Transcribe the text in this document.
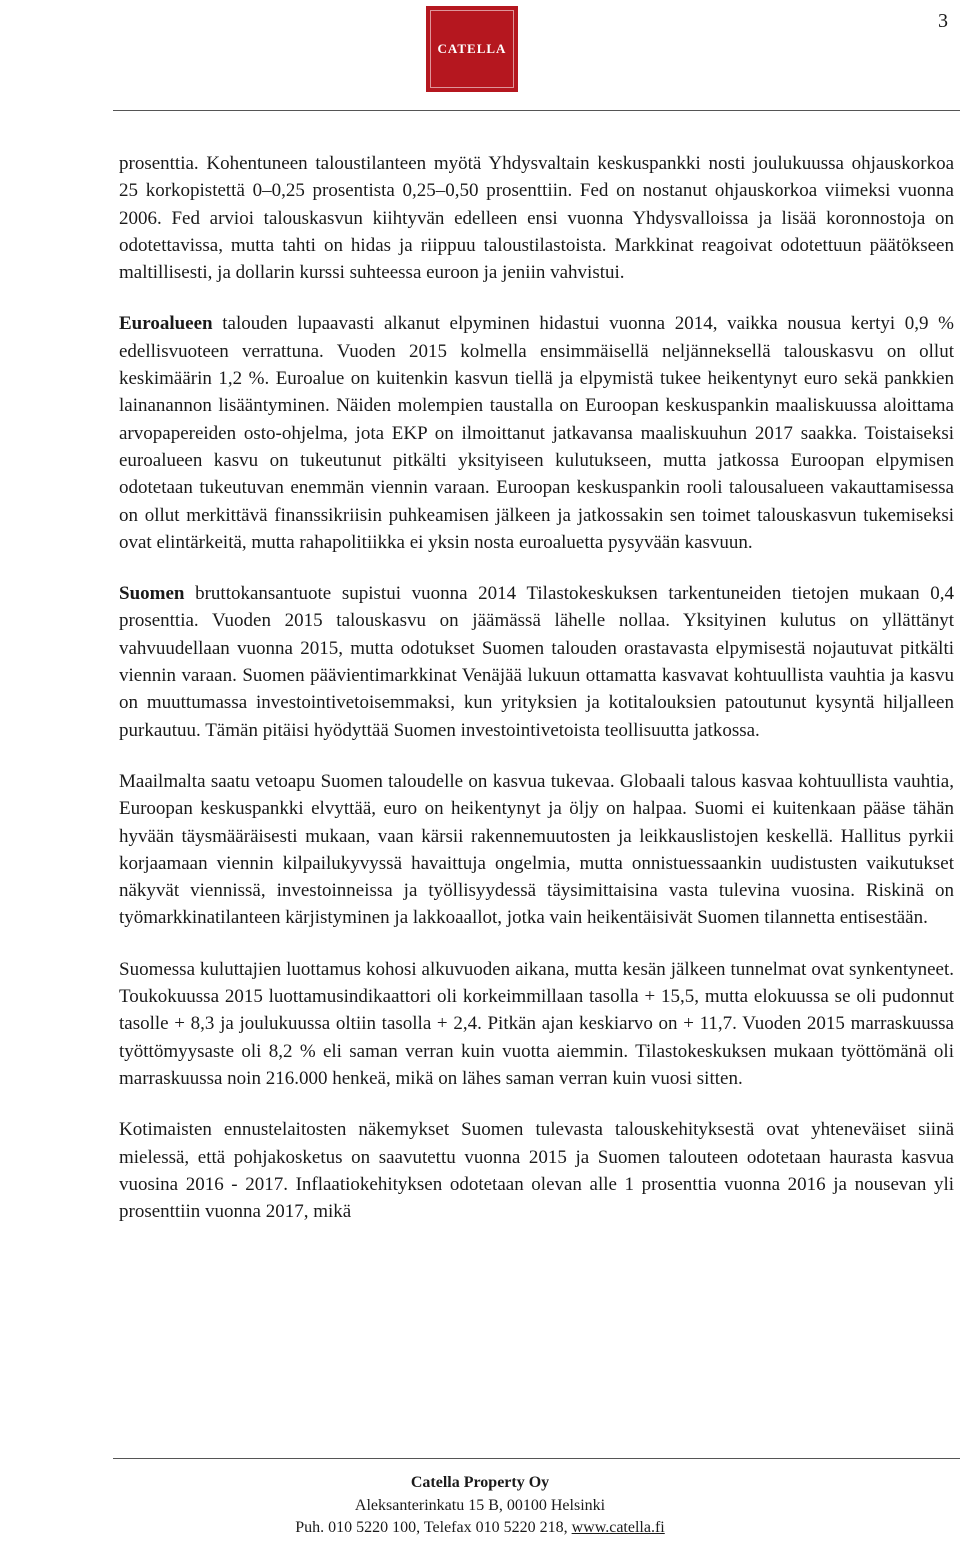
3
CATELLA

prosenttia. Kohentuneen taloustilanteen myötä Yhdysvaltain keskuspankki nosti joulukuussa ohjauskorkoa 25 korkopistettä 0–0,25 prosentista 0,25–0,50 prosenttiin. Fed on nostanut ohjauskorkoa viimeksi vuonna 2006. Fed arvioi talouskasvun kiihtyvän edelleen ensi vuonna Yhdysvalloissa ja lisää koronnostoja on odotettavissa, mutta tahti on hidas ja riippuu taloustilastoista. Markkinat reagoivat odotettuun päätökseen maltillisesti, ja dollarin kurssi suhteessa euroon ja jeniin vahvistui.

Euroalueen talouden lupaavasti alkanut elpyminen hidastui vuonna 2014, vaikka nousua kertyi 0,9 % edellisvuoteen verrattuna. Vuoden 2015 kolmella ensimmäisellä neljänneksellä talouskasvu on ollut keskimäärin 1,2 %. Euroalue on kuitenkin kasvun tiellä ja elpymistä tukee heikentynyt euro sekä pankkien lainanannon lisääntyminen. Näiden molempien taustalla on Euroopan keskuspankin maaliskuussa aloittama arvopapereiden osto-ohjelma, jota EKP on ilmoittanut jatkavansa maaliskuuhun 2017 saakka. Toistaiseksi euroalueen kasvu on tukeutunut pitkälti yksityiseen kulutukseen, mutta jatkossa Euroopan elpymisen odotetaan tukeutuvan enemmän viennin varaan. Euroopan keskuspankin rooli talousalueen vakauttamisessa on ollut merkittävä finanssikriisin puhkeamisen jälkeen ja jatkossakin sen toimet talouskasvun tukemiseksi ovat elintärkeitä, mutta rahapolitiikka ei yksin nosta euroaluetta pysyvään kasvuun.

Suomen bruttokansantuote supistui vuonna 2014 Tilastokeskuksen tarkentuneiden tietojen mukaan 0,4 prosenttia. Vuoden 2015 talouskasvu on jäämässä lähelle nollaa. Yksityinen kulutus on yllättänyt vahvuudellaan vuonna 2015, mutta odotukset Suomen talouden orastavasta elpymisestä nojautuvat pitkälti viennin varaan. Suomen päävientimarkkinat Venäjää lukuun ottamatta kasvavat kohtuullista vauhtia ja kasvu on muuttumassa investointivetoisemmaksi, kun yrityksien ja kotitalouksien patoutunut kysyntä hiljalleen purkautuu. Tämän pitäisi hyödyttää Suomen investointivetoista teollisuutta jatkossa.

Maailmalta saatu vetoapu Suomen taloudelle on kasvua tukevaa. Globaali talous kasvaa kohtuullista vauhtia, Euroopan keskuspankki elvyttää, euro on heikentynyt ja öljy on halpaa. Suomi ei kuitenkaan pääse tähän hyvään täysmääräisesti mukaan, vaan kärsii rakennemuutosten ja leikkauslistojen keskellä. Hallitus pyrkii korjaamaan viennin kilpailukyvyssä havaittuja ongelmia, mutta onnistuessaankin uudistusten vaikutukset näkyvät viennissä, investoinneissa ja työllisyydessä täysimittaisina vasta tulevina vuosina. Riskinä on työmarkkinatilanteen kärjistyminen ja lakkoaallot, jotka vain heikentäisivät Suomen tilannetta entisestään.

Suomessa kuluttajien luottamus kohosi alkuvuoden aikana, mutta kesän jälkeen tunnelmat ovat synkentyneet. Toukokuussa 2015 luottamusindikaattori oli korkeimmillaan tasolla + 15,5, mutta elokuussa se oli pudonnut tasolle + 8,3 ja joulukuussa oltiin tasolla + 2,4. Pitkän ajan keskiarvo on + 11,7. Vuoden 2015 marraskuussa työttömyysaste oli 8,2 % eli saman verran kuin vuotta aiemmin. Tilastokeskuksen mukaan työttömänä oli marraskuussa noin 216.000 henkeä, mikä on lähes saman verran kuin vuosi sitten.

Kotimaisten ennustelaitosten näkemykset Suomen tulevasta talouskehityksestä ovat yhteneväiset siinä mielessä, että pohjakosketus on saavutettu vuonna 2015 ja Suomen talouteen odotetaan haurasta kasvua vuosina 2016 - 2017. Inflaatiokehityksen odotetaan olevan alle 1 prosenttia vuonna 2016 ja nousevan yli prosenttiin vuonna 2017, mikä

Catella Property Oy
Aleksanterinkatu 15 B, 00100 Helsinki
Puh. 010 5220 100, Telefax 010 5220 218, www.catella.fi
